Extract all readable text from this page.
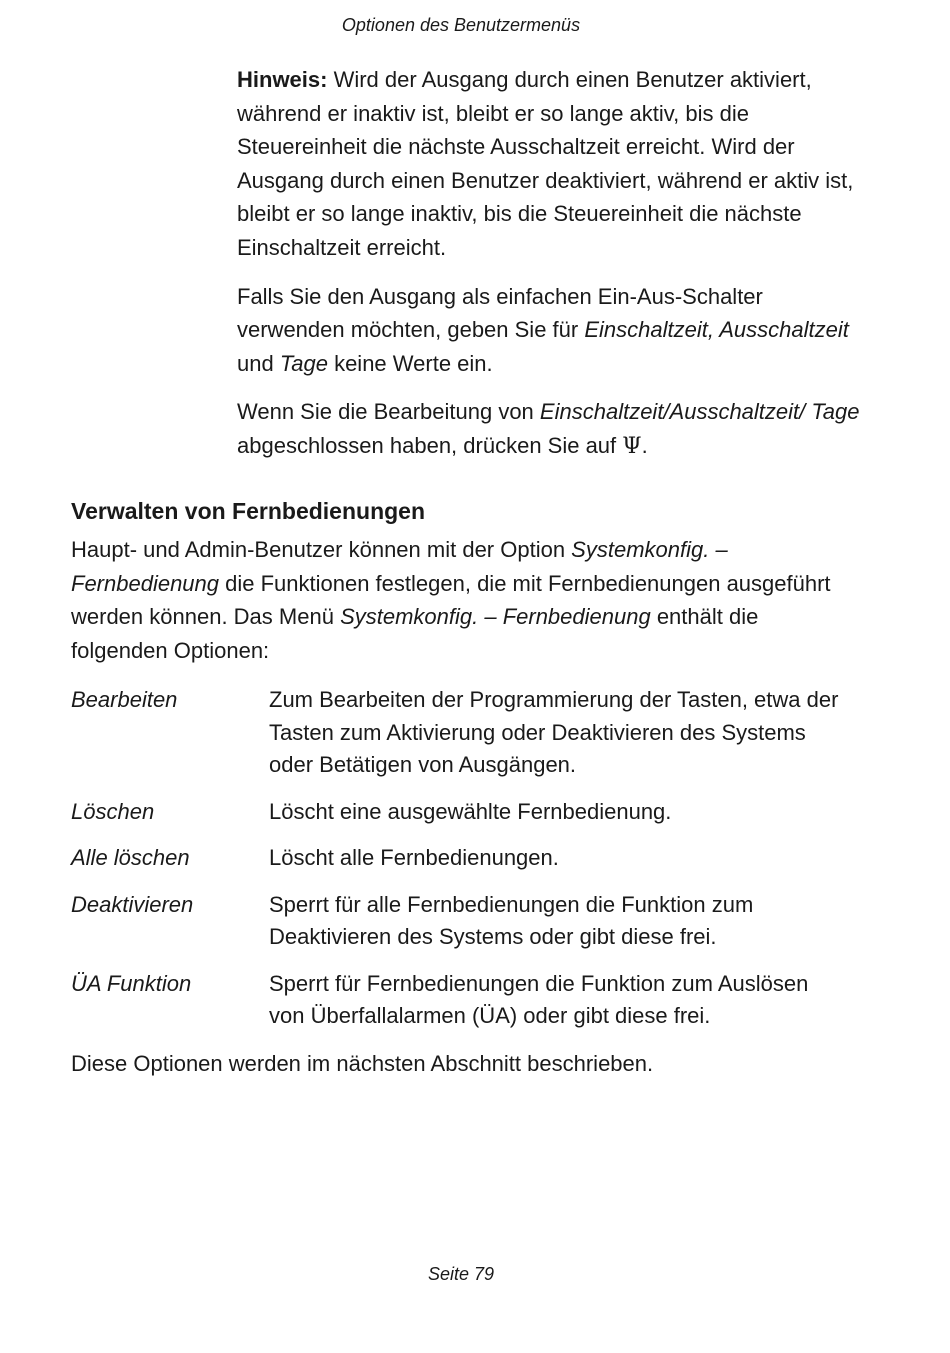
Optionen des Benutzermenüs

Hinweis: Wird der Ausgang durch einen Benutzer aktiviert, während er inaktiv ist, bleibt er so lange aktiv, bis die Steuereinheit die nächste Ausschaltzeit erreicht. Wird der Ausgang durch einen Benutzer deaktiviert, während er aktiv ist, bleibt er so lange inaktiv, bis die Steuereinheit die nächste Einschaltzeit erreicht.

Falls Sie den Ausgang als einfachen Ein-Aus-Schalter verwenden möchten, geben Sie für Einschaltzeit, Ausschaltzeit und Tage keine Werte ein.

Wenn Sie die Bearbeitung von Einschaltzeit/Ausschaltzeit/ Tage abgeschlossen haben, drücken Sie auf Ψ.

Verwalten von Fernbedienungen

Haupt- und Admin-Benutzer können mit der Option Systemkonfig. – Fernbedienung die Funktionen festlegen, die mit Fernbedienungen ausgeführt werden können. Das Menü Systemkonfig. – Fernbedienung enthält die folgenden Optionen:

Bearbeiten	Zum Bearbeiten der Programmierung der Tasten, etwa der Tasten zum Aktivierung oder Deaktivieren des Systems oder Betätigen von Ausgängen.
Löschen	Löscht eine ausgewählte Fernbedienung.
Alle löschen	Löscht alle Fernbedienungen.
Deaktivieren	Sperrt für alle Fernbedienungen die Funktion zum Deaktivieren des Systems oder gibt diese frei.
ÜA Funktion	Sperrt für Fernbedienungen die Funktion zum Auslösen von Überfallalarmen (ÜA) oder gibt diese frei.

Diese Optionen werden im nächsten Abschnitt beschrieben.

Seite 79
